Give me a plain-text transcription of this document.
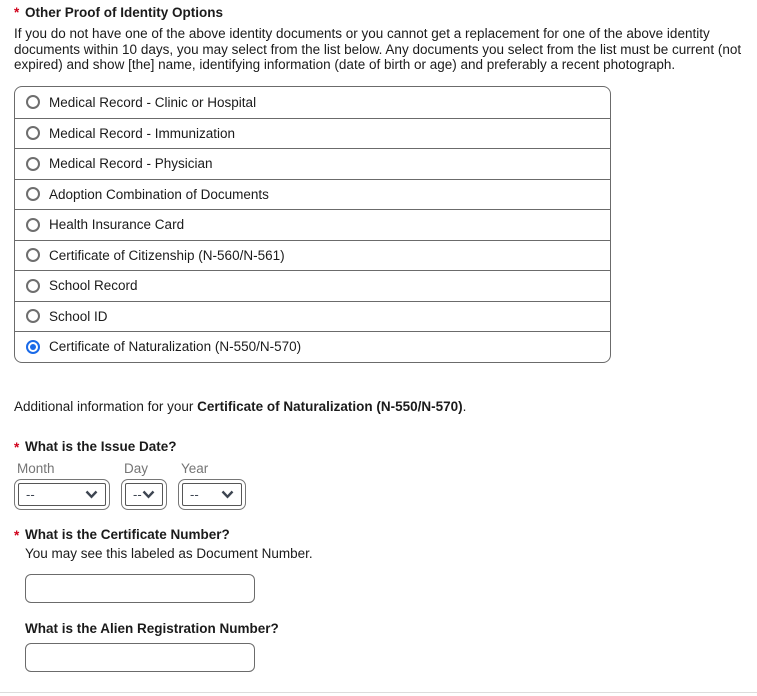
* Other Proof of Identity Options

If you do not have one of the above identity documents or you cannot get a replacement for one of the above identity documents within 10 days, you may select from the list below. Any documents you select from the list must be current (not expired) and show [the] name, identifying information (date of birth or age) and preferably a recent photograph.

Medical Record - Clinic or Hospital
Medical Record - Immunization
Medical Record - Physician
Adoption Combination of Documents
Health Insurance Card
Certificate of Citizenship (N-560/N-561)
School Record
School ID
Certificate of Naturalization (N-550/N-570)

Additional information for your Certificate of Naturalization (N-550/N-570).

* What is the Issue Date?
Month
--
Day
--
Year
--
* What is the Certificate Number?
You may see this labeled as Document Number.
What is the Alien Registration Number?
